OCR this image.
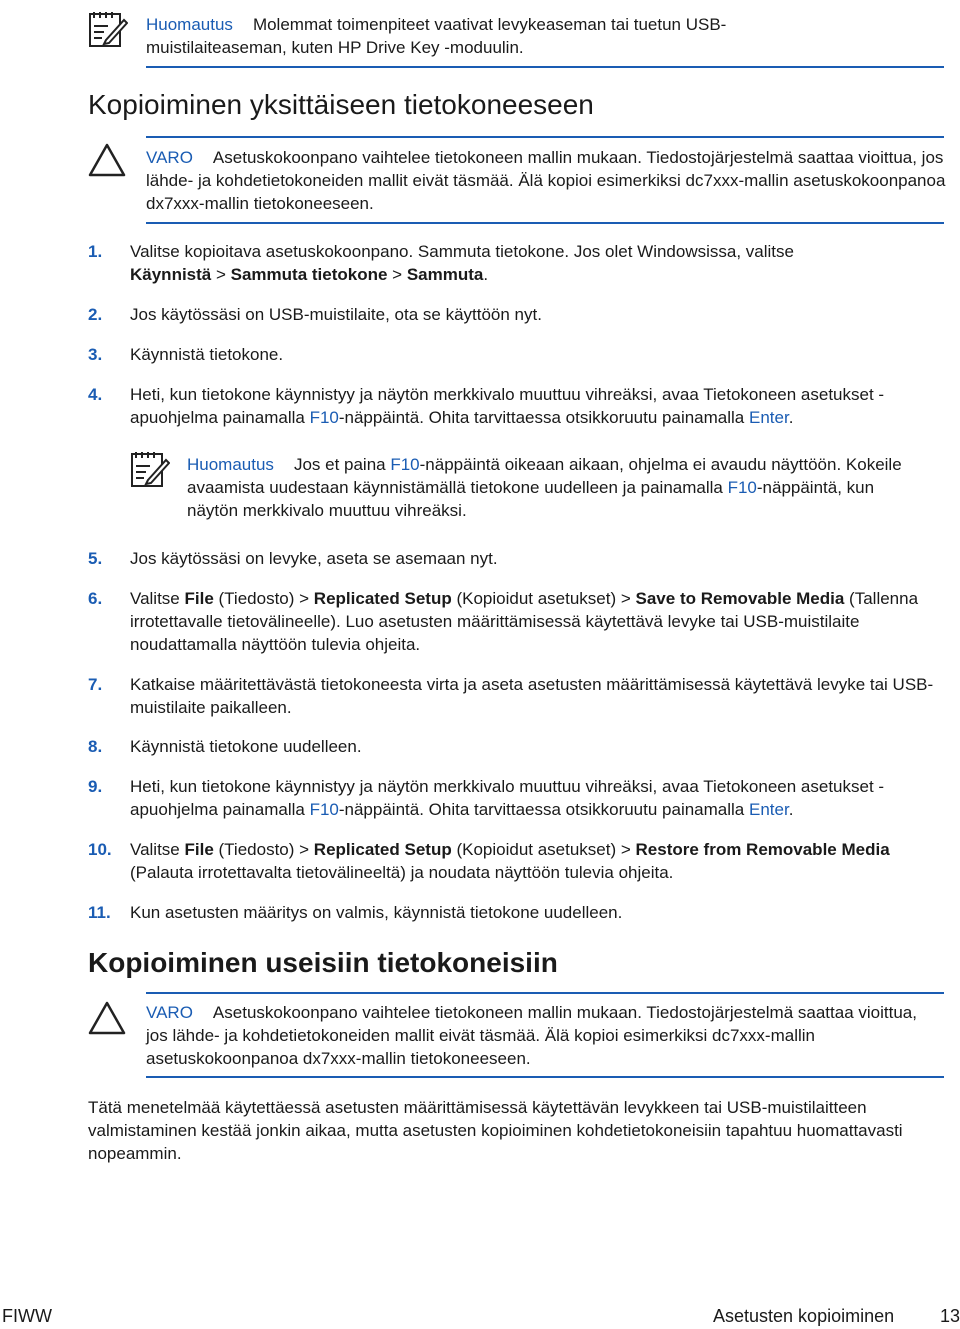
Huomautus Molemmat toimenpiteet vaativat levykeaseman tai tuetun USB-muistilaiteaseman, kuten HP Drive Key -moduulin.
Kopioiminen yksittäiseen tietokoneeseen
VARO Asetuskokoonpano vaihtelee tietokoneen mallin mukaan. Tiedostojärjestelmä saattaa vioittua, jos lähde- ja kohdetietokoneiden mallit eivät täsmää. Älä kopioi esimerkiksi dc7xxx-mallin asetuskokoonpanoa dx7xxx-mallin tietokoneeseen.
1. Valitse kopioitava asetuskokoonpano. Sammuta tietokone. Jos olet Windowsissa, valitse
Käynnistä > Sammuta tietokone > Sammuta.
2. Jos käytössäsi on USB-muistilaite, ota se käyttöön nyt.
3. Käynnistä tietokone.
4. Heti, kun tietokone käynnistyy ja näytön merkkivalo muuttuu vihreäksi, avaa Tietokoneen asetukset -apuohjelma painamalla F10-näppäintä. Ohita tarvittaessa otsikkoruutu painamalla Enter.
Huomautus Jos et paina F10-näppäintä oikeaan aikaan, ohjelma ei avaudu näyttöön. Kokeile avaamista uudestaan käynnistämällä tietokone uudelleen ja painamalla F10-näppäintä, kun näytön merkkivalo muuttuu vihreäksi.
5. Jos käytössäsi on levyke, aseta se asemaan nyt.
6. Valitse File (Tiedosto) > Replicated Setup (Kopioidut asetukset) > Save to Removable Media (Tallenna irrotettavalle tietovälineelle). Luo asetusten määrittämisessä käytettävä levyke tai USB-muistilaite noudattamalla näyttöön tulevia ohjeita.
7. Katkaise määritettävästä tietokoneesta virta ja aseta asetusten määrittämisessä käytettävä levyke tai USB-muistilaite paikalleen.
8. Käynnistä tietokone uudelleen.
9. Heti, kun tietokone käynnistyy ja näytön merkkivalo muuttuu vihreäksi, avaa Tietokoneen asetukset -apuohjelma painamalla F10-näppäintä. Ohita tarvittaessa otsikkoruutu painamalla Enter.
10. Valitse File (Tiedosto) > Replicated Setup (Kopioidut asetukset) > Restore from Removable Media (Palauta irrotettavalta tietovälineeltä) ja noudata näyttöön tulevia ohjeita.
11. Kun asetusten määritys on valmis, käynnistä tietokone uudelleen.
Kopioiminen useisiin tietokoneisiin
VARO Asetuskokoonpano vaihtelee tietokoneen mallin mukaan. Tiedostojärjestelmä saattaa vioittua, jos lähde- ja kohdetietokoneiden mallit eivät täsmää. Älä kopioi esimerkiksi dc7xxx-mallin asetuskokoonpanoa dx7xxx-mallin tietokoneeseen.
Tätä menetelmää käytettäessä asetusten määrittämisessä käytettävän levykkeen tai USB-muistilaitteen valmistaminen kestää jonkin aikaa, mutta asetusten kopioiminen kohdetietokoneisiin tapahtuu huomattavasti nopeammin.
FIWW	Asetusten kopioiminen	13
